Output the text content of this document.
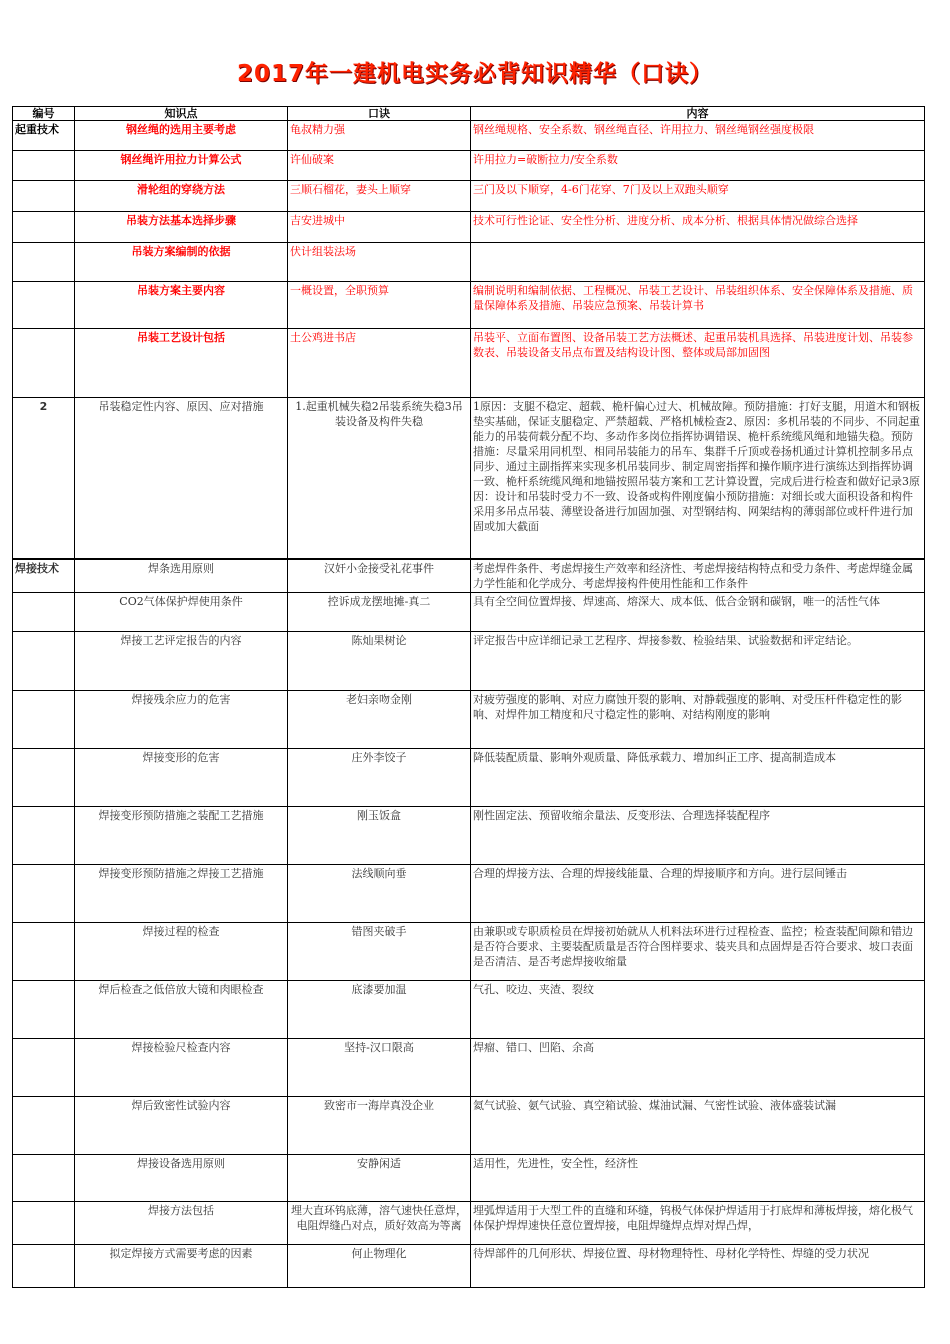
2017年一建机电实务必背知识精华（口诀）
编号	知识点	口诀	内容
起重技术	钢丝绳的选用主要考虑	龟叔精力强	钢丝绳规格、安全系数、钢丝绳直径、许用拉力、钢丝绳钢丝强度极限
	钢丝绳许用拉力计算公式	许仙破案	许用拉力=破断拉力/安全系数
	滑轮组的穿绕方法	三顺石榴花，妻头上顺穿	三门及以下顺穿，4-6门花穿、7门及以上双跑头顺穿
	吊装方法基本选择步骤	吉安进城中	技术可行性论证、安全性分析、进度分析、成本分析、根据具体情况做综合选择
	吊装方案编制的依据	伏计组装法场	
	吊装方案主要内容	一概设置，全职预算	编制说明和编制依据、工程概况、吊装工艺设计、吊装组织体系、安全保障体系及措施、质量保障体系及措施、吊装应急预案、吊装计算书
	吊装工艺设计包括	土公鸡进书店	吊装平、立面布置图、设备吊装工艺方法概述、起重吊装机具选择、吊装进度计划、吊装参数表、吊装设备支吊点布置及结构设计图、整体或局部加固图
2	吊装稳定性内容、原因、应对措施	1.起重机械失稳2吊装系统失稳3吊装设备及构件失稳	1原因：支腿不稳定、超载、桅杆偏心过大、机械故障。预防措施：打好支腿，用道木和钢板垫实基础，保证支腿稳定、严禁超载、严格机械检查2、原因：多机吊装的不同步、不同起重能力的吊装荷载分配不均、多动作多岗位指挥协调错误、桅杆系统缆风绳和地锚失稳。预防措施：尽量采用同机型、相同吊装能力的吊车、集群千斤顶或卷扬机通过计算机控制多吊点同步、通过主副指挥来实现多机吊装同步、制定周密指挥和操作顺序进行演练达到指挥协调一致、桅杆系统缆风绳和地锚按照吊装方案和工艺计算设置，完成后进行检查和做好记录3原因：设计和吊装时受力不一致、设备或构件刚度偏小预防措施：对细长或大面积设备和构件采用多吊点吊装、薄壁设备进行加固加强、对型钢结构、网架结构的薄弱部位或杆件进行加固或加大截面
焊接技术	焊条选用原则	汉奸小金接受礼花事件	考虑焊件条件、考虑焊接生产效率和经济性、考虑焊接结构特点和受力条件、考虑焊缝金属力学性能和化学成分、考虑焊接构件使用性能和工作条件
	CO2气体保护焊使用条件	控诉成龙摆地摊-真二	具有全空间位置焊接、焊速高、熔深大、成本低、低合金钢和碳钢，唯一的活性气体
	焊接工艺评定报告的内容	陈灿果树论	评定报告中应详细记录工艺程序、焊接参数、检验结果、试验数据和评定结论。
	焊接残余应力的危害	老妇亲吻金刚	对疲劳强度的影响、对应力腐蚀开裂的影响、对静载强度的影响、对受压杆件稳定性的影响、对焊件加工精度和尺寸稳定性的影响、对结构刚度的影响
	焊接变形的危害	庄外李饺子	降低装配质量、影响外观质量、降低承载力、增加纠正工序、提高制造成本
	焊接变形预防措施之装配工艺措施	刚玉饭盒	刚性固定法、预留收缩余量法、反变形法、合理选择装配程序
	焊接变形预防措施之焊接工艺措施	法线顺向垂	合理的焊接方法、合理的焊接线能量、合理的焊接顺序和方向。进行层间锤击
	焊接过程的检查	错图夹破手	由兼职或专职质检员在焊接初始就从人机料法环进行过程检查、监控；检查装配间隙和错边是否符合要求、主要装配质量是否符合图样要求、装夹具和点固焊是否符合要求、坡口表面是否清洁、是否考虑焊接收缩量
	焊后检查之低倍放大镜和肉眼检查	底漆要加温	气孔、咬边、夹渣、裂纹
	焊接检验尺检查内容	坚持-汉口限高	焊瘤、错口、凹陷、余高
	焊后致密性试验内容	致密市一海岸真没企业	氦气试验、氨气试验、真空箱试验、煤油试漏、气密性试验、液体盛装试漏
	焊接设备选用原则	安静闲适	适用性，先进性，安全性，经济性
	焊接方法包括	埋大直环钨底薄，溶气速快任意焊，电阻焊缝凸对点，质好效高为等离	埋弧焊适用于大型工件的直缝和环缝，钨极气体保护焊适用于打底焊和薄板焊接，熔化极气体保护焊焊速快任意位置焊接，电阻焊缝焊点焊对焊凸焊，
	拟定焊接方式需要考虑的因素	何止物理化	待焊部件的几何形状、焊接位置、母材物理特性、母材化学特性、焊缝的受力状况
